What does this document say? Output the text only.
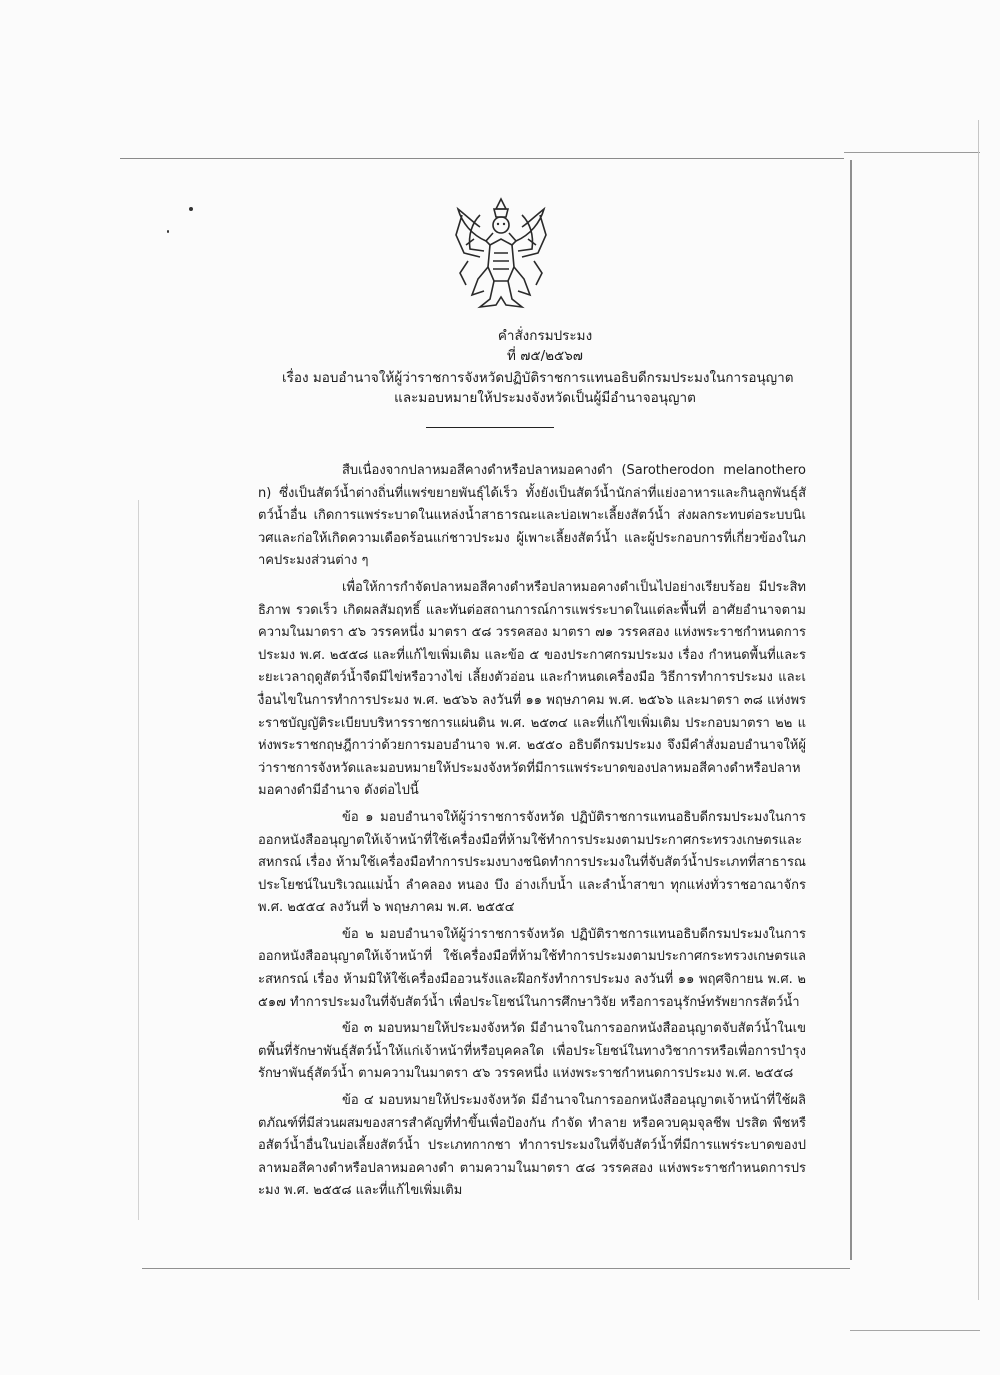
คำสั่งกรมประมง
ที่ ๗๕/๒๕๖๗
เรื่อง มอบอำนาจให้ผู้ว่าราชการจังหวัดปฏิบัติราชการแทนอธิบดีกรมประมงในการอนุญาต
และมอบหมายให้ประมงจังหวัดเป็นผู้มีอำนาจอนุญาต

สืบเนื่องจากปลาหมอสีคางดำหรือปลาหมอคางดำ (Sarotherodon melanotheron) ซึ่งเป็นสัตว์น้ำต่างถิ่นที่แพร่ขยายพันธุ์ได้เร็ว ทั้งยังเป็นสัตว์น้ำนักล่าที่แย่งอาหารและกินลูกพันธุ์สัตว์น้ำอื่น เกิดการแพร่ระบาดในแหล่งน้ำสาธารณะและบ่อเพาะเลี้ยงสัตว์น้ำ ส่งผลกระทบต่อระบบนิเวศและก่อให้เกิดความเดือดร้อนแก่ชาวประมง ผู้เพาะเลี้ยงสัตว์น้ำ และผู้ประกอบการที่เกี่ยวข้องในภาคประมงส่วนต่าง ๆ

เพื่อให้การกำจัดปลาหมอสีคางดำหรือปลาหมอคางดำเป็นไปอย่างเรียบร้อย มีประสิทธิภาพ รวดเร็ว เกิดผลสัมฤทธิ์ และทันต่อสถานการณ์การแพร่ระบาดในแต่ละพื้นที่ อาศัยอำนาจตามความในมาตรา ๕๖ วรรคหนึ่ง มาตรา ๕๘ วรรคสอง มาตรา ๗๑ วรรคสอง แห่งพระราชกำหนดการประมง พ.ศ. ๒๕๕๘ และที่แก้ไขเพิ่มเติม และข้อ ๕ ของประกาศกรมประมง เรื่อง กำหนดพื้นที่และระยะเวลาฤดูสัตว์น้ำจืดมีไข่หรือวางไข่ เลี้ยงตัวอ่อน และกำหนดเครื่องมือ วิธีการทำการประมง และเงื่อนไขในการทำการประมง พ.ศ. ๒๕๖๖ ลงวันที่ ๑๑ พฤษภาคม พ.ศ. ๒๕๖๖ และมาตรา ๓๘ แห่งพระราชบัญญัติระเบียบบริหารราชการแผ่นดิน พ.ศ. ๒๕๓๔ และที่แก้ไขเพิ่มเติม ประกอบมาตรา ๒๒ แห่งพระราชกฤษฎีกาว่าด้วยการมอบอำนาจ พ.ศ. ๒๕๕๐ อธิบดีกรมประมง จึงมีคำสั่งมอบอำนาจให้ผู้ว่าราชการจังหวัดและมอบหมายให้ประมงจังหวัดที่มีการแพร่ระบาดของปลาหมอสีคางดำหรือปลาหมอคางดำมีอำนาจ ดังต่อไปนี้

ข้อ ๑ มอบอำนาจให้ผู้ว่าราชการจังหวัด ปฏิบัติราชการแทนอธิบดีกรมประมงในการออกหนังสืออนุญาตให้เจ้าหน้าที่ใช้เครื่องมือที่ห้ามใช้ทำการประมงตามประกาศกระทรวงเกษตรและสหกรณ์ เรื่อง ห้ามใช้เครื่องมือทำการประมงบางชนิดทำการประมงในที่จับสัตว์น้ำประเภทที่สาธารณประโยชน์ในบริเวณแม่น้ำ ลำคลอง หนอง บึง อ่างเก็บน้ำ และลำน้ำสาขา ทุกแห่งทั่วราชอาณาจักร พ.ศ. ๒๕๕๔ ลงวันที่ ๖ พฤษภาคม พ.ศ. ๒๕๕๔

ข้อ ๒ มอบอำนาจให้ผู้ว่าราชการจังหวัด ปฏิบัติราชการแทนอธิบดีกรมประมงในการออกหนังสืออนุญาตให้เจ้าหน้าที่ ใช้เครื่องมือที่ห้ามใช้ทำการประมงตามประกาศกระทรวงเกษตรและสหกรณ์ เรื่อง ห้ามมิให้ใช้เครื่องมืออวนรังและฝีอกรังทำการประมง ลงวันที่ ๑๑ พฤศจิกายน พ.ศ. ๒๕๑๗ ทำการประมงในที่จับสัตว์น้ำ เพื่อประโยชน์ในการศึกษาวิจัย หรือการอนุรักษ์ทรัพยากรสัตว์น้ำ

ข้อ ๓ มอบหมายให้ประมงจังหวัด มีอำนาจในการออกหนังสืออนุญาตจับสัตว์น้ำในเขตพื้นที่รักษาพันธุ์สัตว์น้ำให้แก่เจ้าหน้าที่หรือบุคคลใด เพื่อประโยชน์ในทางวิชาการหรือเพื่อการบำรุงรักษาพันธุ์สัตว์น้ำ ตามความในมาตรา ๕๖ วรรคหนึ่ง แห่งพระราชกำหนดการประมง พ.ศ. ๒๕๕๘

ข้อ ๔ มอบหมายให้ประมงจังหวัด มีอำนาจในการออกหนังสืออนุญาตเจ้าหน้าที่ใช้ผลิตภัณฑ์ที่มีส่วนผสมของสารสำคัญที่ทำขึ้นเพื่อป้องกัน กำจัด ทำลาย หรือควบคุมจุลชีพ ปรสิต พืชหรือสัตว์น้ำอื่นในบ่อเลี้ยงสัตว์น้ำ ประเภทกากชา ทำการประมงในที่จับสัตว์น้ำที่มีการแพร่ระบาดของปลาหมอสีคางดำหรือปลาหมอคางดำ ตามความในมาตรา ๕๘ วรรคสอง แห่งพระราชกำหนดการประมง พ.ศ. ๒๕๕๘ และที่แก้ไขเพิ่มเติม
